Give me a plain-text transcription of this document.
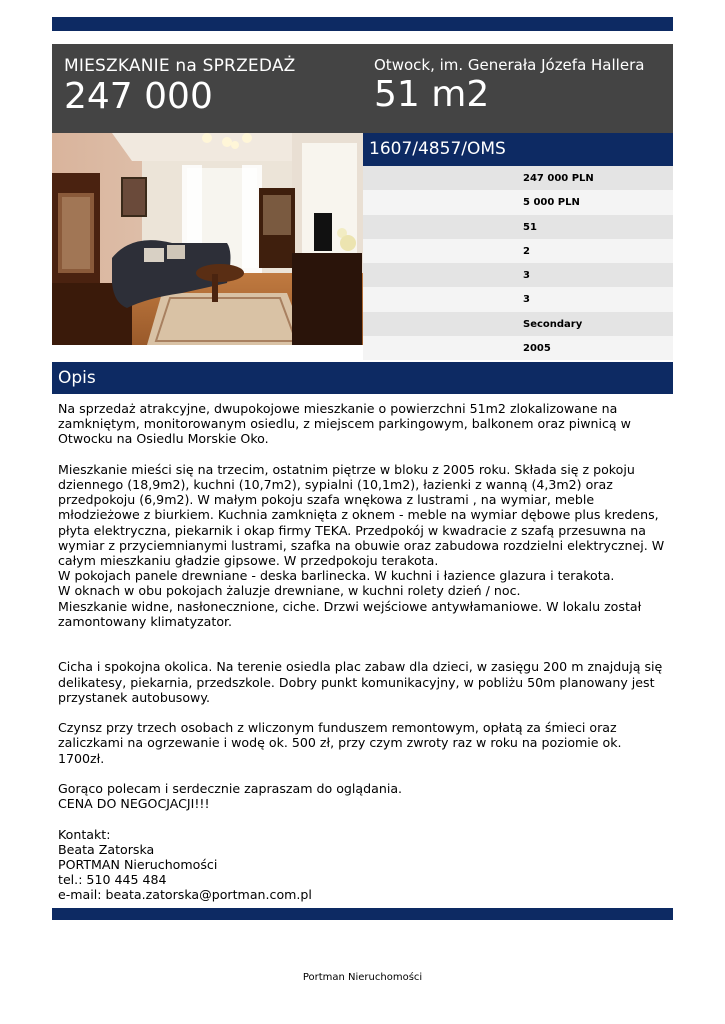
MIESZKANIE na SPRZEDAŻ
247 000
Otwock, im. Generała Józefa Hallera
51 m2
1607/4857/OMS
247 000 PLN
5 000 PLN
51
2
3
3
Secondary
2005
Opis

Na sprzedaż atrakcyjne, dwupokojowe mieszkanie o powierzchni 51m2 zlokalizowane na zamkniętym, monitorowanym osiedlu, z miejscem parkingowym, balkonem oraz piwnicą w Otwocku na Osiedlu Morskie Oko.

Mieszkanie mieści się na trzecim, ostatnim piętrze w bloku z 2005 roku. Składa się z pokoju dziennego (18,9m2), kuchni (10,7m2), sypialni (10,1m2), łazienki z wanną (4,3m2) oraz przedpokoju (6,9m2). W małym pokoju szafa wnękowa z lustrami , na wymiar, meble młodzieżowe z biurkiem. Kuchnia zamknięta z oknem - meble na wymiar dębowe plus kredens, płyta elektryczna, piekarnik i okap firmy TEKA. Przedpokój w kwadracie z szafą przesuwna na wymiar z przyciemnianymi lustrami, szafka na obuwie oraz zabudowa rozdzielni elektrycznej. W całym mieszkaniu gładzie gipsowe. W przedpokoju terakota.

W pokojach panele drewniane - deska barlinecka. W kuchni i łazience glazura i terakota.

W oknach w obu pokojach żaluzje drewniane, w kuchni rolety dzień / noc.

Mieszkanie widne, nasłonecznione, ciche. Drzwi wejściowe antywłamaniowe. W lokalu został zamontowany klimatyzator.

Cicha i spokojna okolica. Na terenie osiedla plac zabaw dla dzieci, w zasięgu 200 m znajdują się delikatesy, piekarnia, przedszkole. Dobry punkt komunikacyjny, w pobliżu 50m planowany jest przystanek autobusowy.

Czynsz przy trzech osobach z wliczonym funduszem remontowym, opłatą za śmieci oraz zaliczkami na ogrzewanie i wodę ok. 500 zł, przy czym zwroty raz w roku na poziomie ok. 1700zł.

Gorąco polecam i serdecznie zapraszam do oglądania.

CENA DO NEGOCJACJI!!!

Kontakt:

Beata Zatorska

PORTMAN Nieruchomości

tel.: 510 445 484

e-mail: beata.zatorska@portman.com.pl

Portman Nieruchomości
